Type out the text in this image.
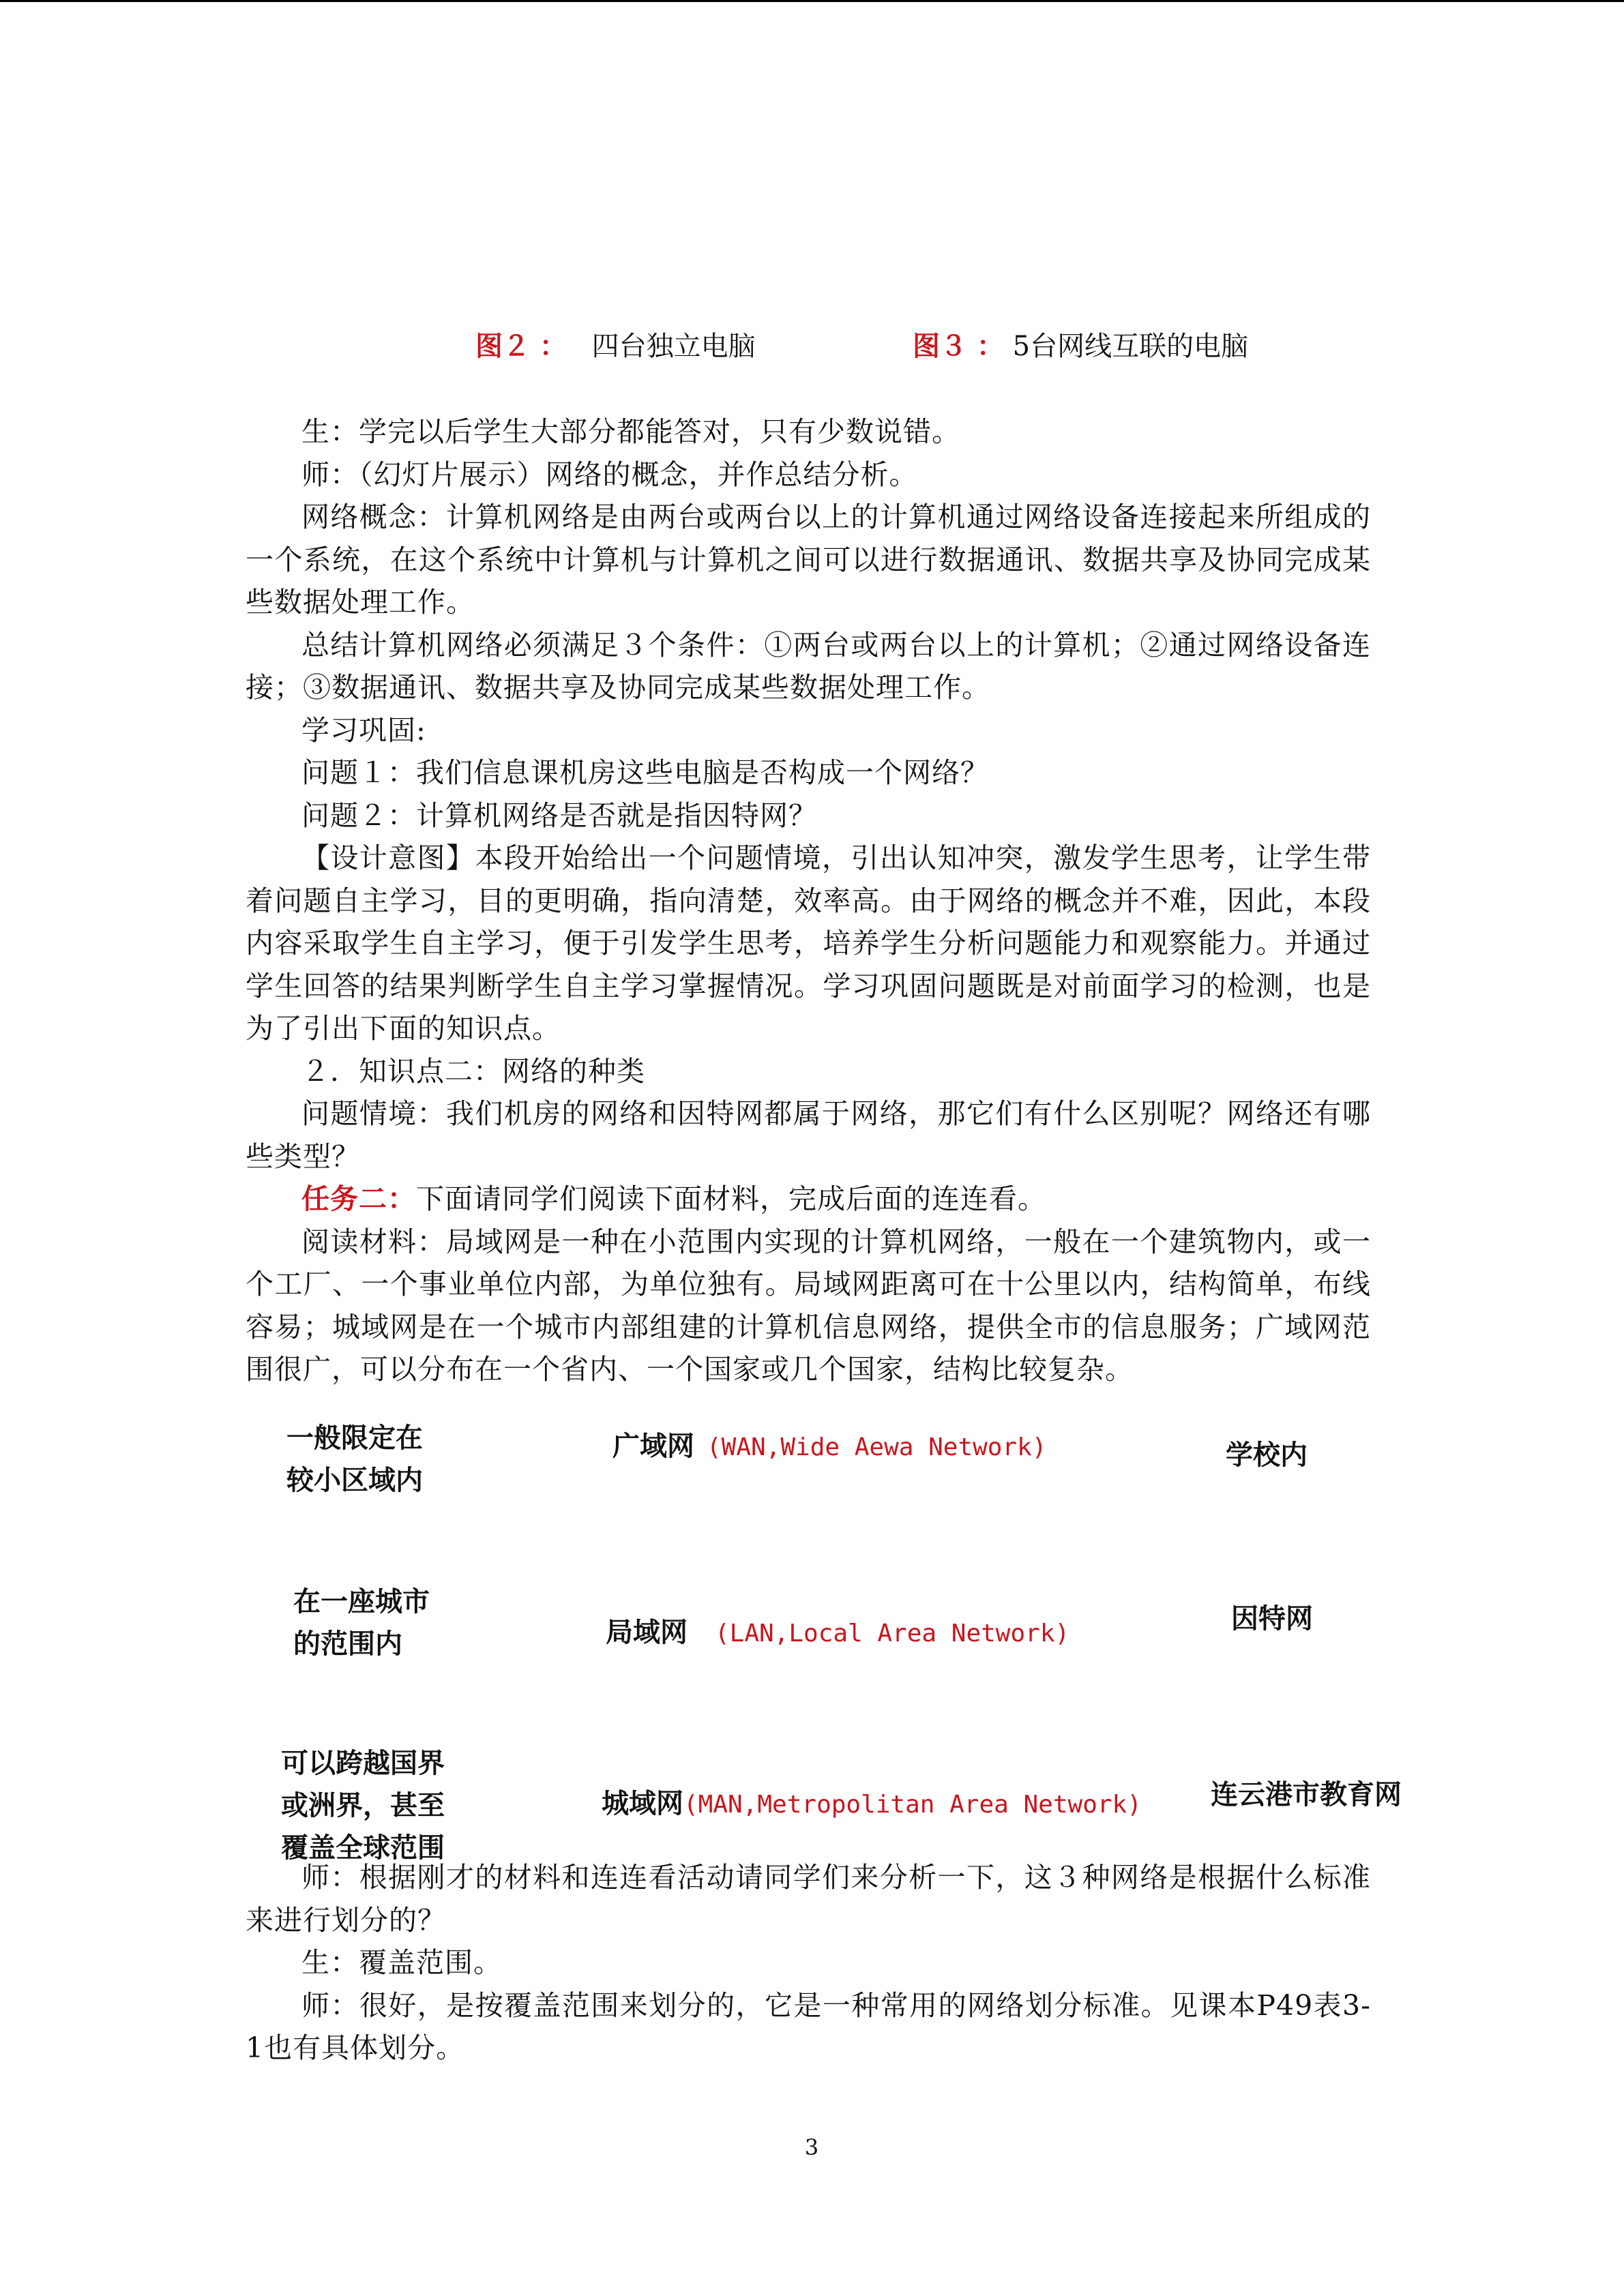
图２ ： 四台独立电脑	图３ ： 5台网线互联的电脑

生：学完以后学生大部分都能答对，只有少数说错。

师：（幻灯片展示）网络的概念，并作总结分析。

网络概念：计算机网络是由两台或两台以上的计算机通过网络设备连接起来所组成的一个系统，在这个系统中计算机与计算机之间可以进行数据通讯、数据共享及协同完成某些数据处理工作。

总结计算机网络必须满足３个条件：①两台或两台以上的计算机；②通过网络设备连接；③数据通讯、数据共享及协同完成某些数据处理工作。

学习巩固:

问题１：我们信息课机房这些电脑是否构成一个网络？

问题２：计算机网络是否就是指因特网？

【设计意图】本段开始给出一个问题情境，引出认知冲突，激发学生思考，让学生带着问题自主学习，目的更明确，指向清楚，效率高。由于网络的概念并不难，因此，本段内容采取学生自主学习，便于引发学生思考，培养学生分析问题能力和观察能力。并通过学生回答的结果判断学生自主学习掌握情况。学习巩固问题既是对前面学习的检测，也是为了引出下面的知识点。

２．知识点二：网络的种类

问题情境：我们机房的网络和因特网都属于网络，那它们有什么区别呢？网络还有哪些类型？

任务二：下面请同学们阅读下面材料，完成后面的连连看。

阅读材料：局域网是一种在小范围内实现的计算机网络，一般在一个建筑物内，或一个工厂、一个事业单位内部，为单位独有。局域网距离可在十公里以内，结构简单，布线容易；城域网是在一个城市内部组建的计算机信息网络，提供全市的信息服务；广域网范围很广，可以分布在一个省内、一个国家或几个国家，结构比较复杂。

一般限定在
较小区域内
在一座城市
的范围内
可以跨越国界
或洲界，甚至
覆盖全球范围
广域网 (WAN,Wide Aewa Network)
局域网 (LAN,Local Area Network)
城域网(MAN,Metropolitan Area Network)
学校内
因特网
连云港市教育网

师：根据刚才的材料和连连看活动请同学们来分析一下，这３种网络是根据什么标准来进行划分的？

生：覆盖范围。

师：很好，是按覆盖范围来划分的，它是一种常用的网络划分标准。见课本P49表3-1也有具体划分。

3
